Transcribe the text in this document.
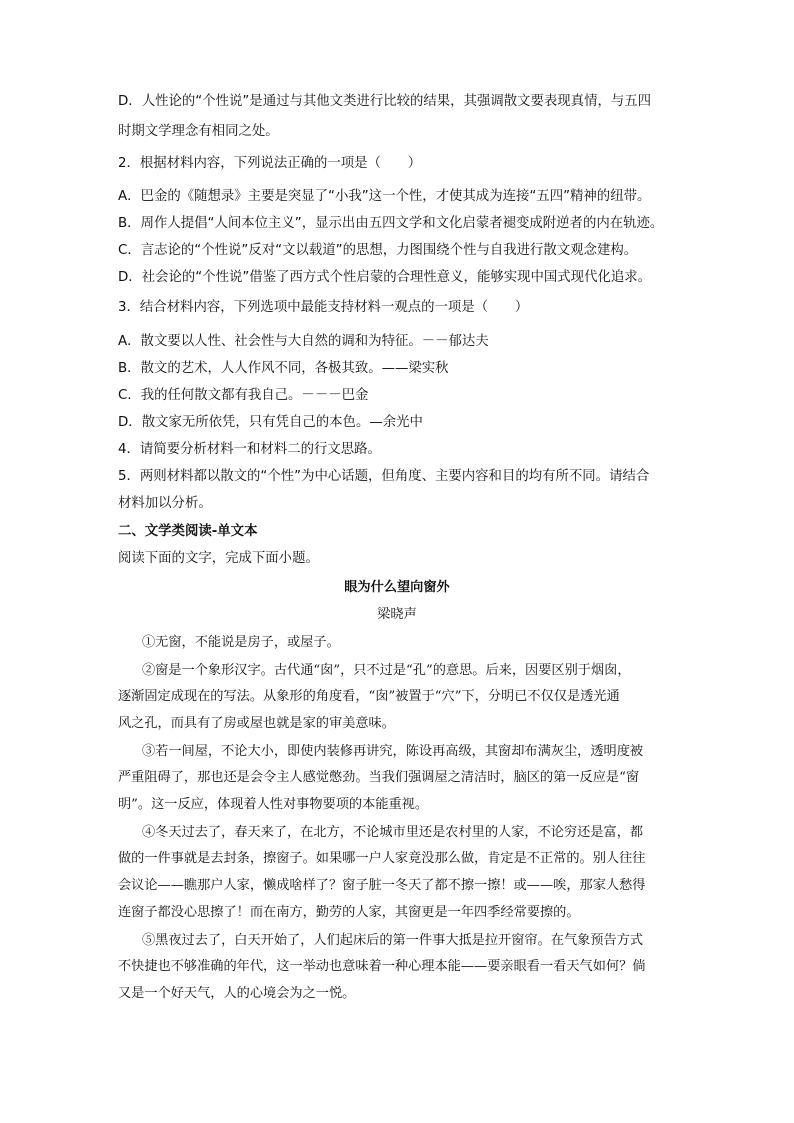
D．人性论的“个性说”是通过与其他文类进行比较的结果，其强调散文要表现真情，与五四
时期文学理念有相同之处。
2．根据材料内容，下列说法正确的一项是（　　）
A．巴金的《随想录》主要是突显了“小我”这一个性，才使其成为连接“五四”精神的纽带。
B．周作人提倡“人间本位主义”，显示出由五四文学和文化启蒙者褪变成附逆者的内在轨迹。
C．言志论的“个性说”反对“文以载道”的思想，力图围绕个性与自我进行散文观念建构。
D．社会论的“个性说”借鉴了西方式个性启蒙的合理性意义，能够实现中国式现代化追求。
3．结合材料内容，下列选项中最能支持材料一观点的一项是（　　）
A．散文要以人性、社会性与大自然的调和为特征。－－郁达夫
B．散文的艺术，人人作风不同，各极其致。——梁实秋
C．我的任何散文都有我自己。－－－巴金
D．散文家无所依凭，只有凭自己的本色。—余光中
4．请简要分析材料一和材料二的行文思路。
5．两则材料都以散文的“个性”为中心话题，但角度、主要内容和目的均有所不同。请结合
材料加以分析。
二、文学类阅读-单文本
阅读下面的文字，完成下面小题。
眼为什么望向窗外
梁晓声
①无窗，不能说是房子，或屋子。
②窗是一个象形汉字。古代通“囱”，只不过是“孔”的意思。后来，因要区别于烟囱，
逐渐固定成现在的写法。从象形的角度看，“囱”被置于“穴”下，分明已不仅仅是透光通
风之孔，而具有了房或屋也就是家的审美意味。
③若一间屋，不论大小，即使内装修再讲究，陈设再高级，其窗却布满灰尘，透明度被
严重阻碍了，那也还是会令主人感觉憋劲。当我们强调屋之清洁时，脑区的第一反应是“窗
明”。这一反应，体现着人性对事物要项的本能重视。
④冬天过去了，春天来了，在北方，不论城市里还是农村里的人家，不论穷还是富，都
做的一件事就是去封条，擦窗子。如果哪一户人家竟没那么做，肯定是不正常的。别人往往
会议论——瞧那户人家，懒成啥样了？窗子脏一冬天了都不擦一擦！或——唉，那家人愁得
连窗子都没心思擦了！而在南方，勤劳的人家，其窗更是一年四季经常要擦的。
⑤黑夜过去了，白天开始了，人们起床后的第一件事大抵是拉开窗帘。在气象预告方式
不快捷也不够准确的年代，这一举动也意味着一种心理本能——要亲眼看一看天气如何？倘
又是一个好天气，人的心境会为之一悦。
